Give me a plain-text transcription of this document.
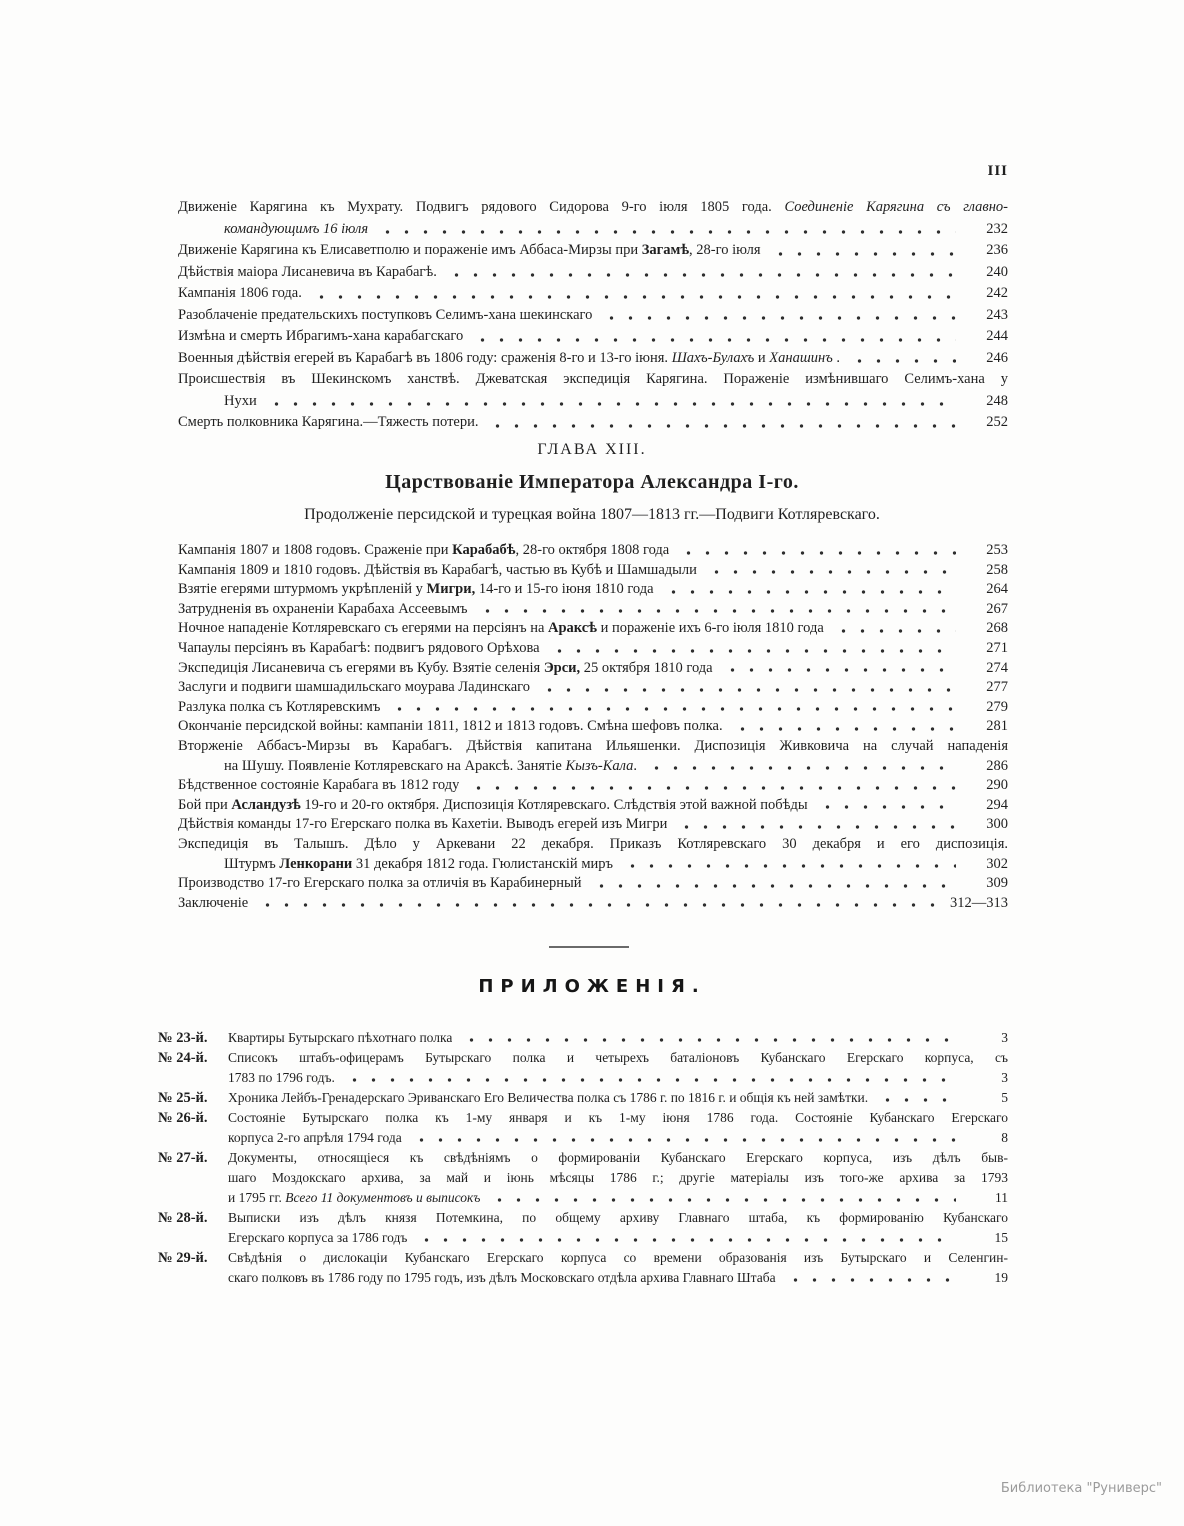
III
Движеніе Карягина къ Мухрату. Подвигъ рядового Сидорова 9-го іюля 1805 года. Соединеніе Карягина съ главно-
командующимъ 16 іюля	232
Движеніе Карягина къ Елисаветполю и пораженіе имъ Аббаса-Мирзы при Загамѣ, 28-го іюля	236
Дѣйствія маіора Лисаневича въ Карабагѣ.	240
Кампанія 1806 года.	242
Разоблаченіе предательскихъ поступковъ Селимъ-хана шекинскаго	243
Измѣна и смерть Ибрагимъ-хана карабагскаго	244
Военныя дѣйствія егерей въ Карабагѣ въ 1806 году: сраженія 8-го и 13-го іюня. Шахъ-Булахъ и Ханашинъ .	246
Происшествія въ Шекинскомъ ханствѣ. Джеватская экспедиція Карягина. Пораженіе измѣнившаго Селимъ-хана у
Нухи	248
Смерть полковника Карягина.—Тяжесть потери.	252
ГЛАВА XIII.
Царствованіе Императора Александра I-го.
Продолженіе персидской и турецкая война 1807—1813 гг.—Подвиги Котляревскаго.
Кампанія 1807 и 1808 годовъ. Сраженіе при Карабабѣ, 28-го октября 1808 года	253
Кампанія 1809 и 1810 годовъ. Дѣйствія въ Карабагѣ, частью въ Кубѣ и Шамшадыли	258
Взятіе егерями штурмомъ укрѣпленій у Мигри, 14-го и 15-го іюня 1810 года	264
Затрудненія въ охраненіи Карабаха Ассеевымъ	267
Ночное нападеніе Котляревскаго съ егерями на персіянъ на Араксѣ и пораженіе ихъ 6-го іюля 1810 года	268
Чапаулы персіянъ въ Карабагѣ: подвигъ рядового Орѣхова	271
Экспедиція Лисаневича съ егерями въ Кубу. Взятіе селенія Эрси, 25 октября 1810 года	274
Заслуги и подвиги шамшадильскаго моурава Ладинскаго	277
Разлука полка съ Котляревскимъ	279
Окончаніе персидской войны: кампаніи 1811, 1812 и 1813 годовъ. Смѣна шефовъ полка.	281
Вторженіе Аббасъ-Мирзы въ Карабагъ. Дѣйствія капитана Ильяшенки. Диспозиція Живковича на случай нападенія
на Шушу. Появленіе Котляревскаго на Араксѣ. Занятіе Кызъ-Кала.	286
Бѣдственное состояніе Карабага въ 1812 году	290
Бой при Асландузѣ 19-го и 20-го октября. Диспозиція Котляревскаго. Слѣдствія этой важной побѣды	294
Дѣйствія команды 17-го Егерскаго полка въ Кахетіи. Выводъ егерей изъ Мигри	300
Экспедиція въ Талышъ. Дѣло у Аркевани 22 декабря. Приказъ Котляревскаго 30 декабря и его диспозиція.
Штурмъ Ленкорани 31 декабря 1812 года. Гюлистанскій миръ	302
Производство 17-го Егерскаго полка за отличія въ Карабинерный	309
Заключеніе	312—313
ПРИЛОЖЕНІЯ.
№ 23-й. Квартиры Бутырскаго пѣхотнаго полка	3
№ 24-й. Списокъ штабъ-офицерамъ Бутырскаго полка и четырехъ баталіоновъ Кубанскаго Егерскаго корпуса, съ
1783 по 1796 годъ.	3
№ 25-й. Хроника Лейбъ-Гренадерскаго Эриванскаго Его Величества полка съ 1786 г. по 1816 г. и общія къ ней замѣтки.	5
№ 26-й. Состояніе Бутырскаго полка къ 1-му января и къ 1-му іюня 1786 года. Состояніе Кубанскаго Егерскаго
корпуса 2-го апрѣля 1794 года	8
№ 27-й. Документы, относящіеся къ свѣдѣніямъ о формированіи Кубанскаго Егерскаго корпуса, изъ дѣлъ быв-
шаго Моздокскаго архива, за май и іюнь мѣсяцы 1786 г.; другіе матеріалы изъ того-же архива за 1793
и 1795 гг. Всего 11 документовъ и выписокъ	11
№ 28-й. Выписки изъ дѣлъ князя Потемкина, по общему архиву Главнаго штаба, къ формированію Кубанскаго
Егерскаго корпуса за 1786 годъ	15
№ 29-й. Свѣдѣнія о дислокаціи Кубанскаго Егерскаго корпуса со времени образованія изъ Бутырскаго и Селенгин-
скаго полковъ въ 1786 году по 1795 годъ, изъ дѣлъ Московскаго отдѣла архива Главнаго Штаба	19
Библиотека "Руниверс"
